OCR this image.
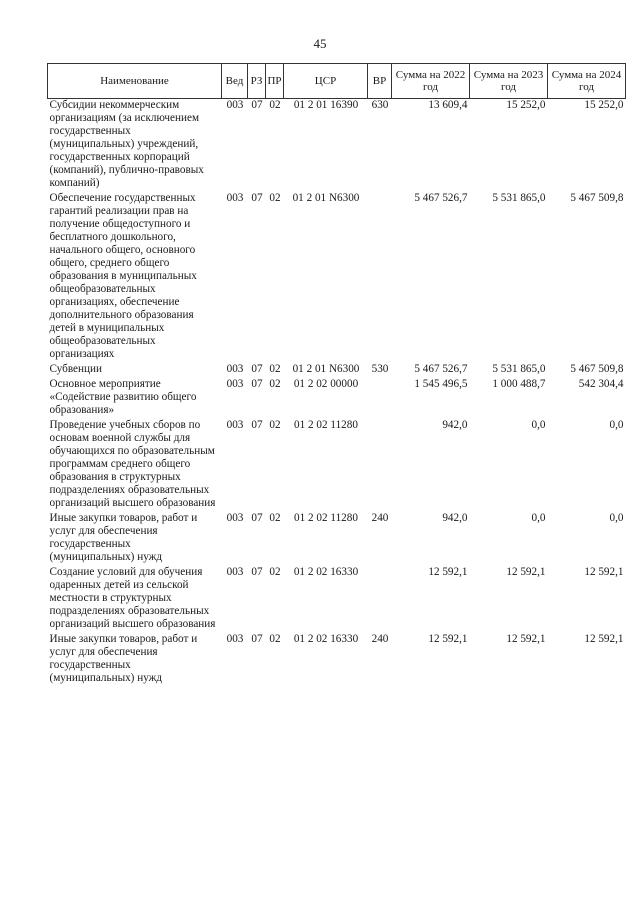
45
Наименование	Вед	РЗ	ПР	ЦСР	ВР	Сумма на 2022 год	Сумма на 2023 год	Сумма на 2024 год
Субсидии некоммерческим организациям (за исключением государственных (муниципальных) учреждений, государственных корпораций (компаний), публично-правовых компаний)	003	07	02	01 2 01 16390	630	13 609,4	15 252,0	15 252,0
Обеспечение государственных гарантий реализации прав на получение общедоступного и бесплатного дошкольного, начального общего, основного общего, среднего общего образования в муниципальных общеобразовательных организациях, обеспечение дополнительного образования детей в муниципальных общеобразовательных организациях	003	07	02	01 2 01 N6300		5 467 526,7	5 531 865,0	5 467 509,8
Субвенции	003	07	02	01 2 01 N6300	530	5 467 526,7	5 531 865,0	5 467 509,8
Основное мероприятие «Содействие развитию общего образования»	003	07	02	01 2 02 00000		1 545 496,5	1 000 488,7	542 304,4
Проведение учебных сборов по основам военной службы для обучающихся по образовательным программам среднего общего образования в структурных подразделениях образовательных организаций высшего образования	003	07	02	01 2 02 11280		942,0	0,0	0,0
Иные закупки товаров, работ и услуг для обеспечения государственных (муниципальных) нужд	003	07	02	01 2 02 11280	240	942,0	0,0	0,0
Создание условий для обучения одаренных детей из сельской местности в структурных подразделениях образовательных организаций высшего образования	003	07	02	01 2 02 16330		12 592,1	12 592,1	12 592,1
Иные закупки товаров, работ и услуг для обеспечения государственных (муниципальных) нужд	003	07	02	01 2 02 16330	240	12 592,1	12 592,1	12 592,1
